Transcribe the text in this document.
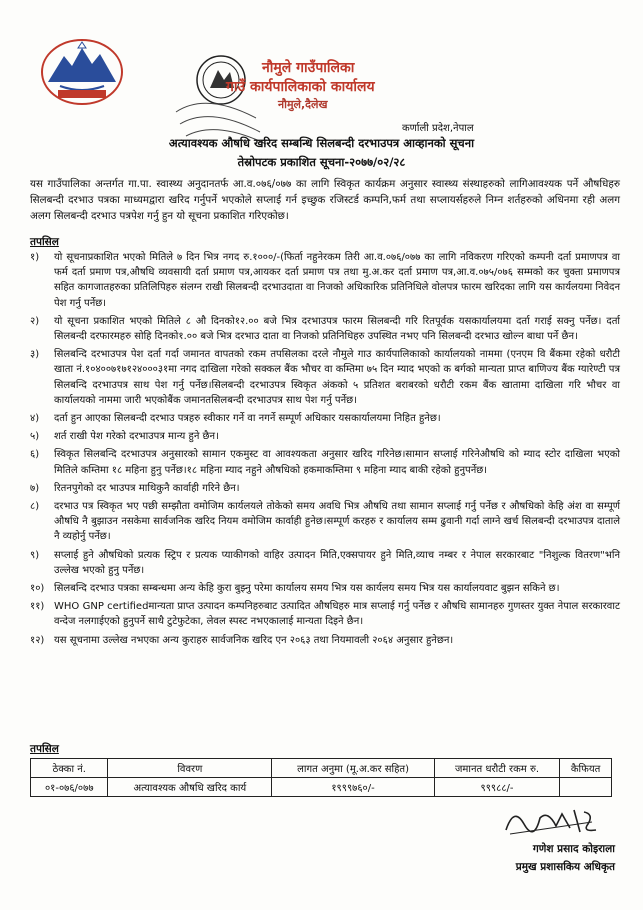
नौमुले गाउँपालिका
गाउँ कार्यपालिकाको कार्यालय
नौमुले,दैलेख
कर्णाली प्रदेश,नेपाल
अत्यावश्यक औषधि खरिद सम्बन्धि सिलबन्दी दरभाउपत्र आव्हानको सूचना
तेस्रोपटक प्रकाशित सूचना-२०७७/०२/२८
यस गाउँपालिका अन्तर्गत गा.पा. स्वास्थ्य अनुदानतर्फ आ.व.०७६/०७७ का लागि स्विकृत कार्यक्रम अनुसार स्वास्थ्य संस्थाहरुको लागिआवश्यक पर्ने औषधिहरु सिलबन्दी दरभाउ पत्रका माध्यमद्वारा खरिद गर्नुपर्ने भएकोले सप्लाई गर्न इच्छुक रजिस्टर्ड कम्पनि,फर्म तथा सप्लायर्सहरुले निम्न शर्तहरुको अधिनमा रही अलग अलग सिलबन्दी दरभाउ पत्रपेश गर्नु हुन यो सूचना प्रकाशित गरिएकोछ।
तपसिल
१)	यो सूचनाप्रकाशित भएको मितिले ७ दिन भित्र नगद रु.१०००/-(फिर्ता नहुनेरकम तिरी आ.व.०७६/०७७ का लागि नविकरण गरिएको कम्पनी दर्ता प्रमाणपत्र वा फर्म दर्ता प्रमाण पत्र,औषधि व्यवसायी दर्ता प्रमाण पत्र,आयकर दर्ता प्रमाण पत्र तथा मु.अ.कर दर्ता प्रमाण पत्र,आ.व.०७५/०७६ सम्मको कर चुक्ता प्रमाणपत्र सहित कागजातहरुका प्रतिलिपिहरु संलग्न राखी सिलबन्दी दरभाउदाता वा निजको अधिकारिक प्रतिनिधिले वोलपत्र फारम खरिदका लागि यस कार्यलयमा निवेदन पेश गर्नु पर्नेछ।
२)	यो सूचना प्रकाशित भएको मितिले ८ औ दिनको१२.०० बजे भित्र दरभाउपत्र फारम सिलबन्दी गरि रितपूर्वक यसकार्यालयमा दर्ता गराई सक्नु पर्नेछ। दर्ता सिलबन्दी दरफारमहरु सोहि दिनको१.०० बजे भित्र दरभाउ दाता वा निजको प्रतिनिधिहरु उपस्थित नभए पनि सिलबन्दी दरभाउ खोल्न बाधा पर्ने छैन।
३)	सिलबन्दि दरभाउपत्र पेश दर्ता गर्दा जमानत वापतको रकम तपसिलका दरले नौमुले गाउ कार्यपालिकाको कार्यालयको नाममा (एनएम वि बैंकमा रहेको धरौटी खाता नं.१०४००७१७१२४०००३१मा नगद दाखिला गरेको सक्कल बैंक भौचर वा कम्तिमा ७५ दिन म्याद भएको क बर्गको मान्यता प्राप्त बाणिज्य बैंक ग्यारेण्टी पत्र सिलबन्दि दरभाउपत्र साथ पेश गर्नु पर्नेछ।सिलबन्दी दरभाउपत्र स्विकृत अंकको ५ प्रतिशत बराबरको धरौटी रकम बैंक खातामा दाखिला गरि भौचर वा कार्यालयको नाममा जारी भएकोबैंक जमानतसिलबन्दी दरभाउपत्र साथ पेश गर्नु पर्नेछ।
४)	दर्ता हुन आएका सिलबन्दी दरभाउ पत्रहरु स्वीकार गर्ने वा नगर्ने सम्पूर्ण अधिकार यसकार्यालयमा निहित हुनेछ।
५)	शर्त राखी पेश गरेको दरभाउपत्र मान्य हुने छैन।
६)	स्विकृत सिलबन्दि दरभाउपत्र अनुसारको सामान एकमुस्ट वा आवश्यकता अनुसार खरिद गरिनेछ।सामान सप्लाई गरिनेऔषधि को म्याद स्टोर दाखिला भएको मितिले कम्तिमा १८ महिना हुनु पर्नेछ।१८ महिना म्याद नहुने औषधिको हकमाकम्तिमा ९ महिना म्याद बाकी रहेको हुनुपर्नेछ।
७)	रितनपुगेको दर भाउपत्र माथिकुनै कार्वाही गरिने छैन।
८)	दरभाउ पत्र स्विकृत भए पछी सम्झौता वमोजिम कार्यलयले तोकेको समय अवधि भित्र औषधि तथा सामान सप्लाई गर्नु पर्नेछ र औषधिको केहि अंश वा सम्पूर्ण औषधि नै बुझाउन नसकेमा सार्वजनिक खरिद नियम वमोजिम कार्वाही हुनेछ।सम्पूर्ण करहरु र कार्यालय सम्म ढुवानी गर्दा लाग्ने खर्च सिलबन्दी दरभाउपत्र दाताले नै व्यहोर्नु पर्नेछ।
९)	सप्लाई हुने औषधिको प्रत्यक स्ट्रिप र प्रत्यक प्याकीगको वाहिर उत्पादन मिति,एक्सपायर हुने मिति,व्याच नम्बर र नेपाल सरकारबाट "निशुल्क वितरण"भनि उल्लेख भएको हुनु पर्नेछ।
१०) सिलबन्दि दरभाउ पत्रका सम्बन्धमा अन्य केहि कुरा बुझ्नु परेमा कार्यालय समय भित्र यस कार्यलय समय भित्र यस कार्यालयवाट बुझन सकिने छ।
११) WHO GNP certifiedमान्यता प्राप्त उत्पादन कम्पनिहरुबाट उत्पादित औषधिहरु मात्र सप्लाई गर्नु पर्नेछ र औषधि सामानहरु गुणस्तर युक्त नेपाल सरकारवाट वन्देज नलगाईएको हुनुपर्ने साथै टुटेफुटेका, लेवल स्पस्ट नभएकालाई मान्यता दिइने छैन।
१२) यस सूचनामा उल्लेख नभएका अन्य कुराहरु सार्वजनिक खरिद एन २०६३ तथा नियमावली २०६४ अनुसार हुनेछन।
तपसिल
ठेक्का नं.	विवरण	लागत अनुमा (मू.अ.कर सहित)	जमानत धरौटी रकम रु.	कैफियत
०१-०७६/०७७	अत्यावश्यक औषधि खरिद कार्य	१९९९७६०/-	९९९८८/-	
गणेश प्रसाद कोइराला
प्रमुख प्रशासकिय अधिकृत
